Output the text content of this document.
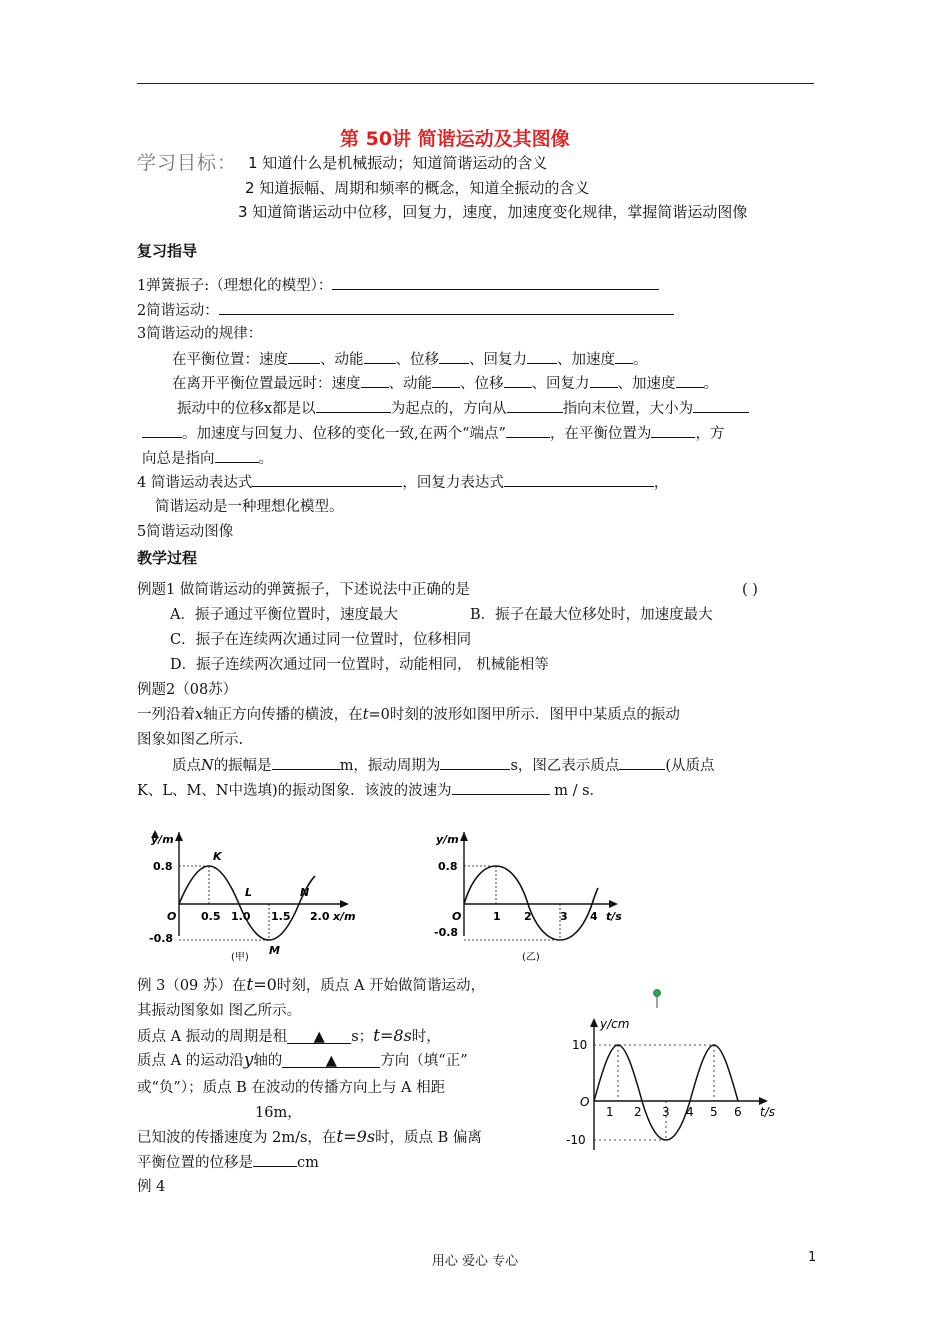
第 50讲 简谐运动及其图像
学习目标： 1 知道什么是机械振动；知道简谐运动的含义
2 知道振幅、周期和频率的概念，知道全振动的含义
3 知道简谐运动中位移，回复力，速度，加速度变化规律，掌握简谐运动图像
复习指导
1弹簧振子:（理想化的模型）：
2简谐运动：
3简谐运动的规律：
在平衡位置：速度 、动能 、位移 、回复力 、加速度 。
在离开平衡位置最远时：速度 、动能 、位移 、回复力 、加速度 。
振动中的位移x都是以	为起点的，方向从	指向末位置，大小为
。加速度与回复力、位移的变化一致,在两个“端点”	，在平衡位置为	，方
向总是指向	。
4 简谐运动表达式	，回复力表达式	，
简谐运动是一种理想化模型。
5简谐运动图像
教学过程
例题1 做简谐运动的弹簧振子，下述说法中正确的是	( )
A．振子通过平衡位置时，速度最大	B．振子在最大位移处时，加速度最大
C．振子在连续两次通过同一位置时，位移相同
D．振子连续两次通过同一位置时，动能相同， 机械能相等
例题2（08苏）
一列沿着x轴正方向传播的横波，在t=0时刻的波形如图甲所示．图甲中某质点的振动
图象如图乙所示.
质点N的振幅是	m，振动周期为	s，图乙表示质点	(从质点
K、L、M、N中选填)的振动图象．该波的波速为	m / s．
y/m
0.8
-0.8
O 0.5 1.0 1.5 2.0 x/m
K
L
M
N
(甲)
y/m
0.8
-0.8
O	1 2	3 4 t/s
(乙)
例 3（09 苏）在t=0时刻，质点 A 开始做简谐运动，
其振动图象如 图乙所示。
质点 A 振动的周期是租 ▲ s；t=8s时，
质点 A 的运动沿y轴的	▲	方向（填“正”
或“负”）；质点 B 在波动的传播方向上与 A 相距
16m，
已知波的传播速度为 2m/s，在t=9s时，质点 B 偏离
平衡位置的位移是	cm
例 4
y/cm
10
-10
O
1 2 3 4 5 6 t/s
用心 爱心 专心	1
